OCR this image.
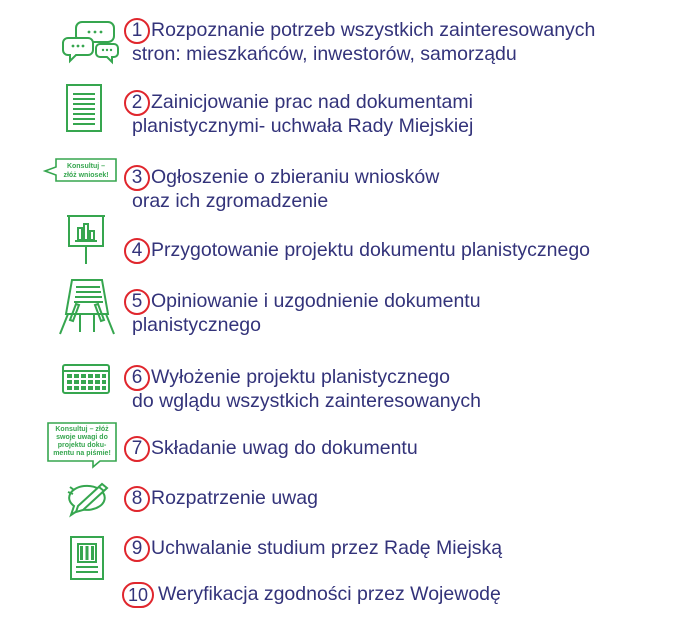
1 Rozpoznanie potrzeb wszystkich zainteresowanych
stron: mieszkańców, inwestorów, samorządu
2 Zainicjowanie prac nad dokumentami
planistycznymi- uchwała Rady Miejskiej
Konsultuj –
złóż wniosek!	3 Ogłoszenie o zbieraniu wniosków
oraz ich zgromadzenie
4 Przygotowanie projektu dokumentu planistycznego
5 Opiniowanie i uzgodnienie dokumentu
planistycznego
6 Wyłożenie projektu planistycznego
do wglądu wszystkich zainteresowanych
Konsultuj – złóż
swoje uwagi do
projektu doku-
mentu na piśmie!	7 Składanie uwag do dokumentu
8 Rozpatrzenie uwag
9 Uchwalanie studium przez Radę Miejską
10 Weryfikacja zgodności przez Wojewodę
